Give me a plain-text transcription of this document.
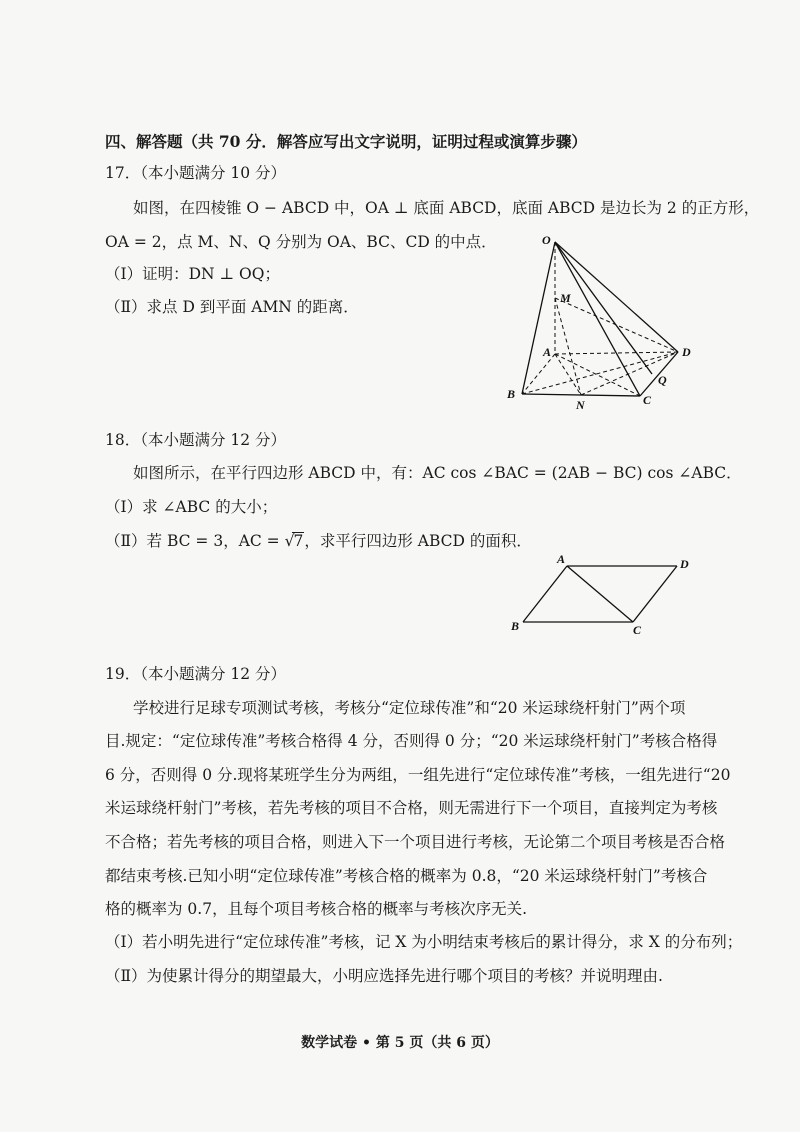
四、解答题（共 70 分．解答应写出文字说明，证明过程或演算步骤）
17．（本小题满分 10 分）
如图，在四棱锥 O − ABCD 中，OA ⊥ 底面 ABCD，底面 ABCD 是边长为 2 的正方形，
OA = 2，点 M、N、Q 分别为 OA、BC、CD 的中点．
（Ⅰ）证明：DN ⊥ OQ；
（Ⅱ）求点 D 到平面 AMN 的距离．
O
M
A	D
Q
C
N
B
18．（本小题满分 12 分）
如图所示，在平行四边形 ABCD 中，有：AC cos ∠BAC = (2AB − BC) cos ∠ABC．
（Ⅰ）求 ∠ABC 的大小；
（Ⅱ）若 BC = 3，AC = √7，求平行四边形 ABCD 的面积．
A	D
B	C
19．（本小题满分 12 分）
学校进行足球专项测试考核，考核分“定位球传准”和“20 米运球绕杆射门”两个项
目.规定：“定位球传准”考核合格得 4 分，否则得 0 分；“20 米运球绕杆射门”考核合格得
6 分，否则得 0 分.现将某班学生分为两组，一组先进行“定位球传准”考核，一组先进行“20
米运球绕杆射门”考核，若先考核的项目不合格，则无需进行下一个项目，直接判定为考核
不合格；若先考核的项目合格，则进入下一个项目进行考核，无论第二个项目考核是否合格
都结束考核.已知小明“定位球传准”考核合格的概率为 0.8，“20 米运球绕杆射门”考核合
格的概率为 0.7，且每个项目考核合格的概率与考核次序无关.
（Ⅰ）若小明先进行“定位球传准”考核，记 X 为小明结束考核后的累计得分，求 X 的分布列；
（Ⅱ）为使累计得分的期望最大，小明应选择先进行哪个项目的考核？并说明理由.
数学试卷 • 第 5 页（共 6 页）
